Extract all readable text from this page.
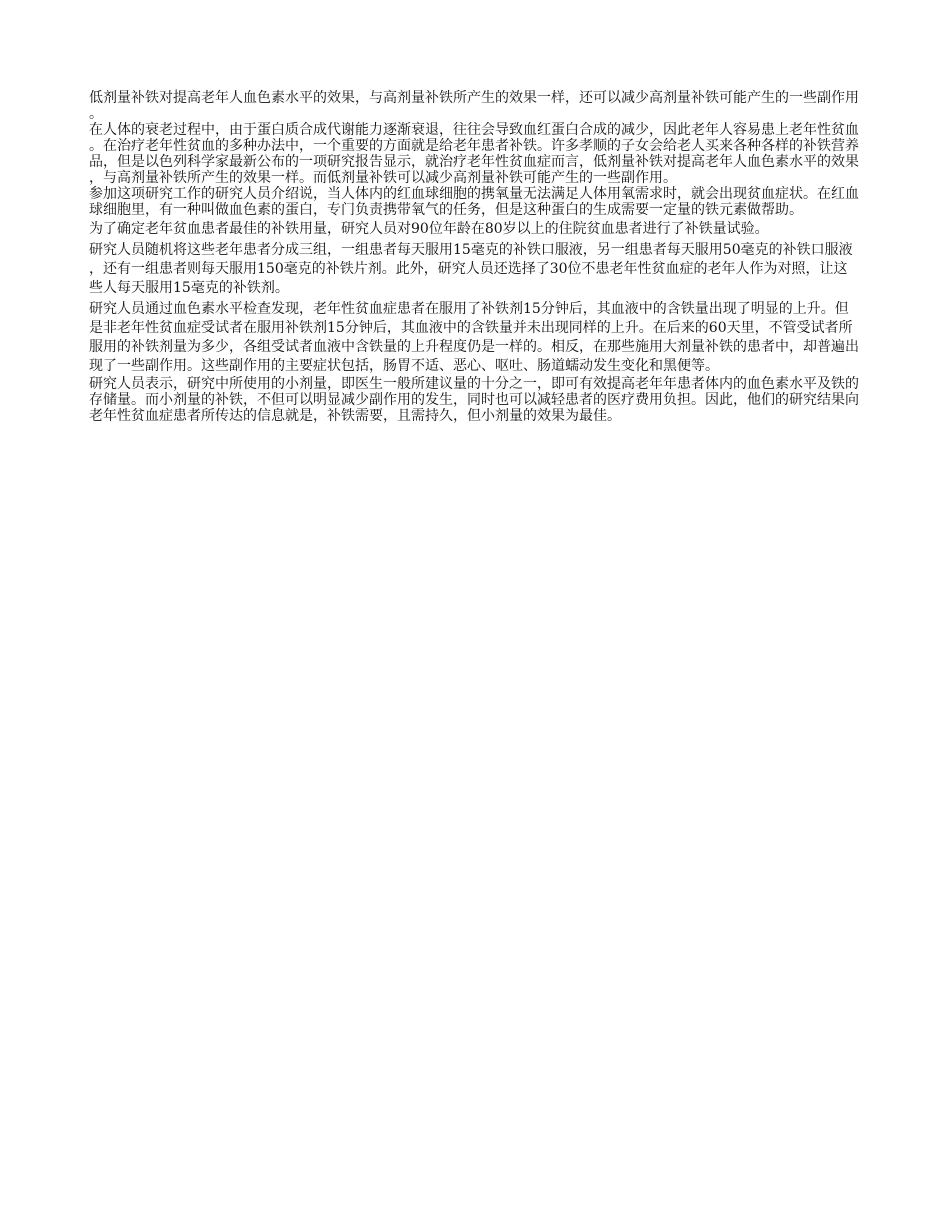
低剂量补铁对提高老年人血色素水平的效果，与高剂量补铁所产生的效果一样，还可以减少高剂量补铁可能产生的一些副作用。

在人体的衰老过程中，由于蛋白质合成代谢能力逐渐衰退，往往会导致血红蛋白合成的减少，因此老年人容易患上老年性贫血。在治疗老年性贫血的多种办法中，一个重要的方面就是给老年患者补铁。许多孝顺的子女会给老人买来各种各样的补铁营养品，但是以色列科学家最新公布的一项研究报告显示，就治疗老年性贫血症而言，低剂量补铁对提高老年人血色素水平的效果，与高剂量补铁所产生的效果一样。而低剂量补铁可以减少高剂量补铁可能产生的一些副作用。

参加这项研究工作的研究人员介绍说，当人体内的红血球细胞的携氧量无法满足人体用氧需求时，就会出现贫血症状。在红血球细胞里，有一种叫做血色素的蛋白，专门负责携带氧气的任务，但是这种蛋白的生成需要一定量的铁元素做帮助。

为了确定老年贫血患者最佳的补铁用量，研究人员对90位年龄在80岁以上的住院贫血患者进行了补铁量试验。

研究人员随机将这些老年患者分成三组，一组患者每天服用15毫克的补铁口服液，另一组患者每天服用50毫克的补铁口服液，还有一组患者则每天服用150毫克的补铁片剂。此外，研究人员还选择了30位不患老年性贫血症的老年人作为对照，让这些人每天服用15毫克的补铁剂。

研究人员通过血色素水平检查发现，老年性贫血症患者在服用了补铁剂15分钟后，其血液中的含铁量出现了明显的上升。但是非老年性贫血症受试者在服用补铁剂15分钟后，其血液中的含铁量并未出现同样的上升。在后来的60天里，不管受试者所服用的补铁剂量为多少，各组受试者血液中含铁量的上升程度仍是一样的。相反，在那些施用大剂量补铁的患者中，却普遍出现了一些副作用。这些副作用的主要症状包括，肠胃不适、恶心、呕吐、肠道蠕动发生变化和黑便等。

研究人员表示，研究中所使用的小剂量，即医生一般所建议量的十分之一，即可有效提高老年年患者体内的血色素水平及铁的存储量。而小剂量的补铁，不但可以明显减少副作用的发生，同时也可以减轻患者的医疗费用负担。因此，他们的研究结果向老年性贫血症患者所传达的信息就是，补铁需要，且需持久，但小剂量的效果为最佳。
